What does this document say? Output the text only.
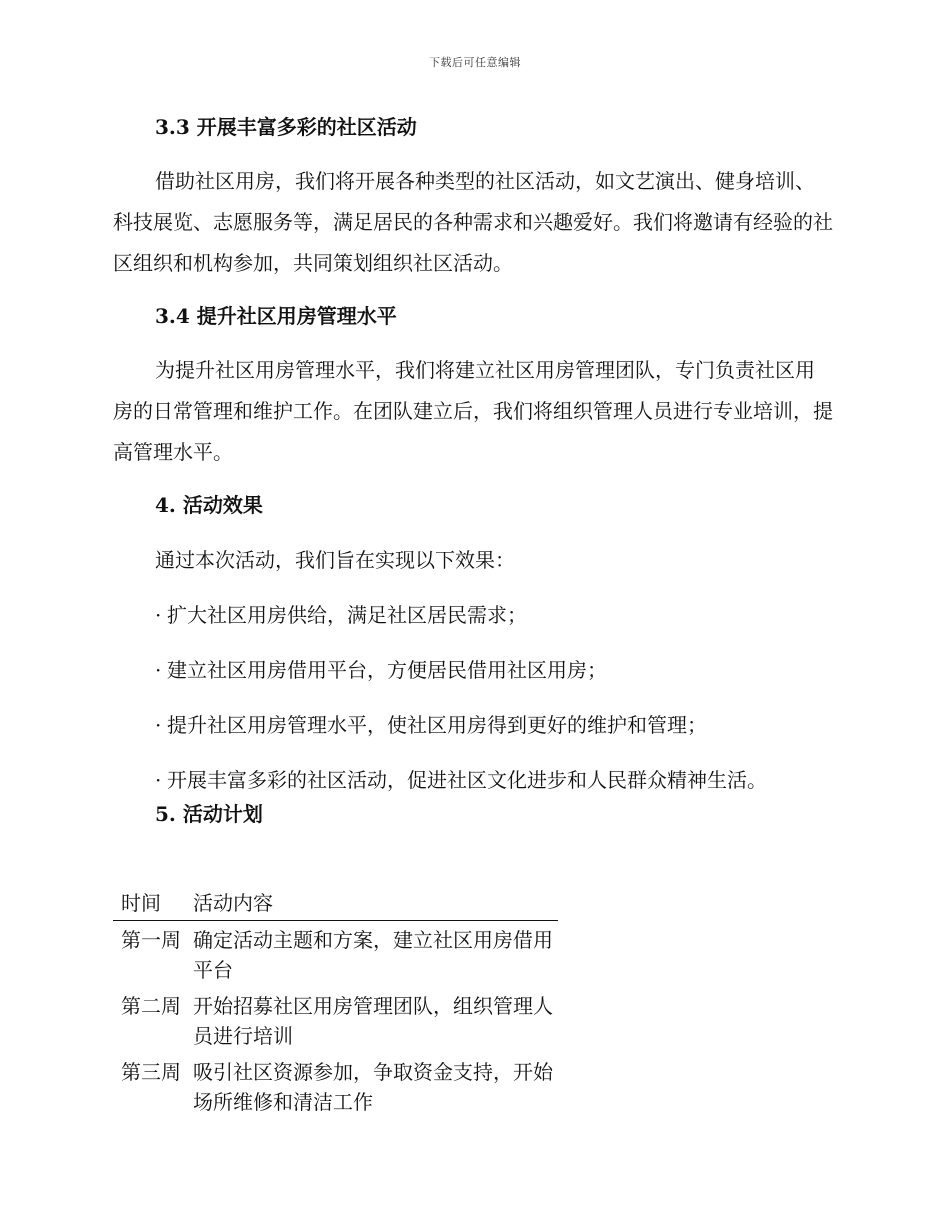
下载后可任意编辑
3.3 开展丰富多彩的社区活动

借助社区用房，我们将开展各种类型的社区活动，如文艺演出、健身培训、科技展览、志愿服务等，满足居民的各种需求和兴趣爱好。我们将邀请有经验的社区组织和机构参加，共同策划组织社区活动。

3.4 提升社区用房管理水平

为提升社区用房管理水平，我们将建立社区用房管理团队，专门负责社区用房的日常管理和维护工作。在团队建立后，我们将组织管理人员进行专业培训，提高管理水平。

4. 活动效果

通过本次活动，我们旨在实现以下效果：

· 扩大社区用房供给，满足社区居民需求；
· 建立社区用房借用平台，方便居民借用社区用房；
· 提升社区用房管理水平，使社区用房得到更好的维护和管理；
· 开展丰富多彩的社区活动，促进社区文化进步和人民群众精神生活。
5. 活动计划
时间	活动内容
第一周	确定活动主题和方案，建立社区用房借用平台
第二周	开始招募社区用房管理团队，组织管理人员进行培训
第三周	吸引社区资源参加，争取资金支持，开始场所维修和清洁工作
